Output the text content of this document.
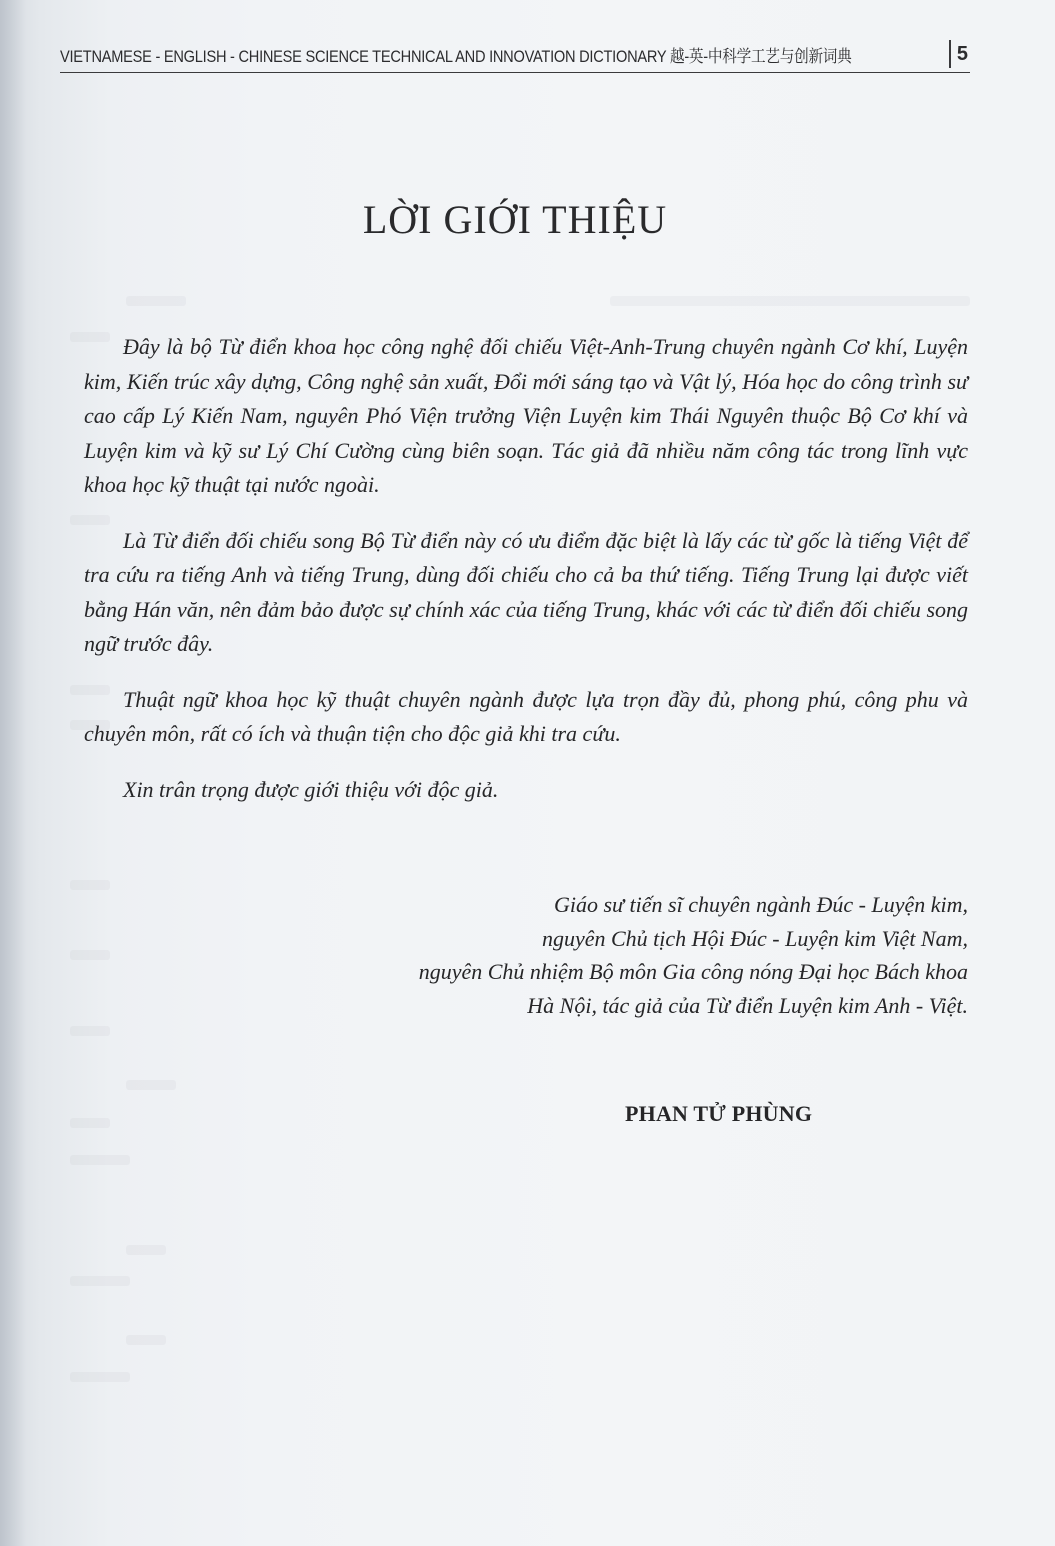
VIETNAMESE - ENGLISH - CHINESE SCIENCE TECHNICAL AND INNOVATION DICTIONARY 越-英-中科学工艺与创新词典	5
LỜI GIỚI THIỆU

Đây là bộ Từ điển khoa học công nghệ đối chiếu Việt-Anh-Trung chuyên ngành Cơ khí, Luyện kim, Kiến trúc xây dựng, Công nghệ sản xuất, Đổi mới sáng tạo và Vật lý, Hóa học do công trình sư cao cấp Lý Kiến Nam, nguyên Phó Viện trưởng Viện Luyện kim Thái Nguyên thuộc Bộ Cơ khí và Luyện kim và kỹ sư Lý Chí Cường cùng biên soạn. Tác giả đã nhiều năm công tác trong lĩnh vực khoa học kỹ thuật tại nước ngoài.

Là Từ điển đối chiếu song Bộ Từ điển này có ưu điểm đặc biệt là lấy các từ gốc là tiếng Việt để tra cứu ra tiếng Anh và tiếng Trung, dùng đối chiếu cho cả ba thứ tiếng. Tiếng Trung lại được viết bằng Hán văn, nên đảm bảo được sự chính xác của tiếng Trung, khác với các từ điển đối chiếu song ngữ trước đây.

Thuật ngữ khoa học kỹ thuật chuyên ngành được lựa trọn đầy đủ, phong phú, công phu và chuyên môn, rất có ích và thuận tiện cho độc giả khi tra cứu.

Xin trân trọng được giới thiệu với độc giả.

Giáo sư tiến sĩ chuyên ngành Đúc - Luyện kim,
nguyên Chủ tịch Hội Đúc - Luyện kim Việt Nam,
nguyên Chủ nhiệm Bộ môn Gia công nóng Đại học Bách khoa
Hà Nội, tác giả của Từ điển Luyện kim Anh - Việt.
PHAN TỬ PHÙNG
